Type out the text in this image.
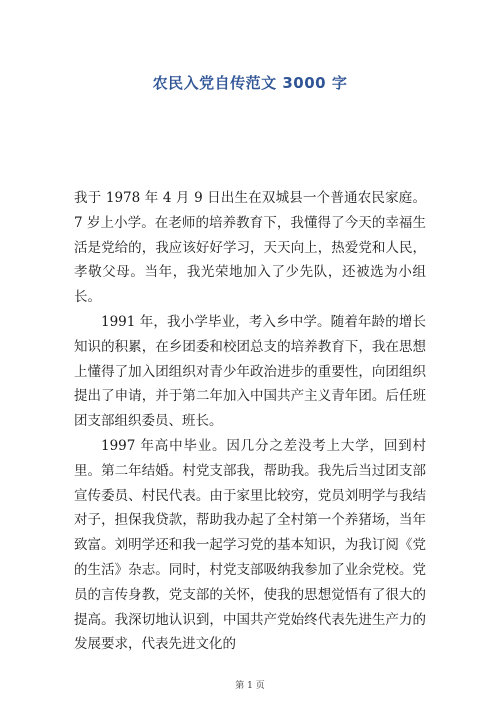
农民入党自传范文 3000 字

我于 1978 年 4 月 9 日出生在双城县一个普通农民家庭。7 岁上小学。在老师的培养教育下，我懂得了今天的幸福生活是党给的，我应该好好学习，天天向上，热爱党和人民，孝敬父母。当年，我光荣地加入了少先队，还被选为小组长。

1991 年，我小学毕业，考入乡中学。随着年龄的增长知识的积累，在乡团委和校团总支的培养教育下，我在思想上懂得了加入团组织对青少年政治进步的重要性，向团组织提出了申请，并于第二年加入中国共产主义青年团。后任班团支部组织委员、班长。

1997 年高中毕业。因几分之差没考上大学，回到村里。第二年结婚。村党支部我，帮助我。我先后当过团支部宣传委员、村民代表。由于家里比较穷，党员刘明学与我结对子，担保我贷款，帮助我办起了全村第一个养猪场，当年致富。刘明学还和我一起学习党的基本知识，为我订阅《党的生活》杂志。同时，村党支部吸纳我参加了业余党校。党员的言传身教，党支部的关怀，使我的思想觉悟有了很大的提高。我深切地认识到，中国共产党始终代表先进生产力的发展要求，代表先进文化的

第 1 页
